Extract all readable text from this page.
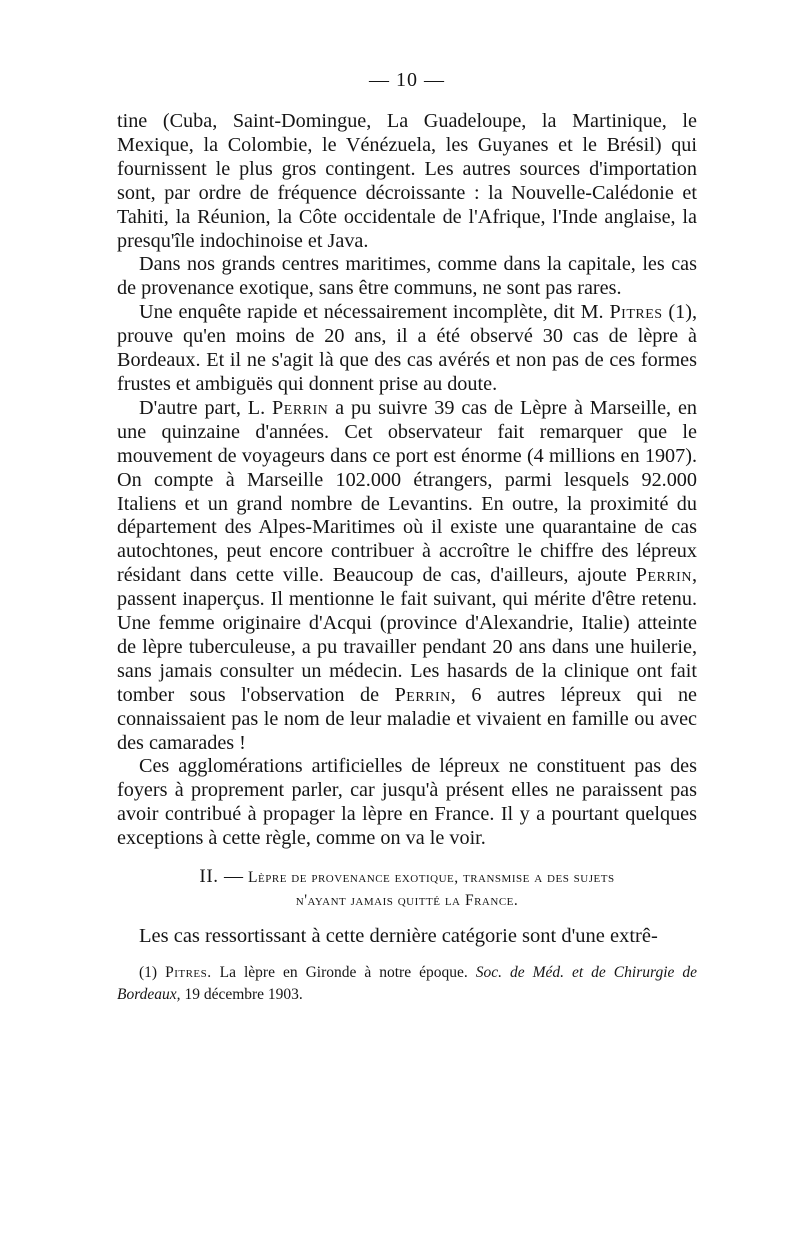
— 10 —

tine (Cuba, Saint-Domingue, La Guadeloupe, la Martinique, le Mexique, la Colombie, le Vénézuela, les Guyanes et le Brésil) qui fournissent le plus gros contingent. Les autres sources d'importation sont, par ordre de fréquence décroissante : la Nouvelle-Calédonie et Tahiti, la Réunion, la Côte occidentale de l'Afrique, l'Inde anglaise, la presqu'île indochinoise et Java.

Dans nos grands centres maritimes, comme dans la capitale, les cas de provenance exotique, sans être communs, ne sont pas rares.

Une enquête rapide et nécessairement incomplète, dit M. Pitres (1), prouve qu'en moins de 20 ans, il a été observé 30 cas de lèpre à Bordeaux. Et il ne s'agit là que des cas avérés et non pas de ces formes frustes et ambiguës qui donnent prise au doute.

D'autre part, L. Perrin a pu suivre 39 cas de Lèpre à Marseille, en une quinzaine d'années. Cet observateur fait remarquer que le mouvement de voyageurs dans ce port est énorme (4 millions en 1907). On compte à Marseille 102.000 étrangers, parmi lesquels 92.000 Italiens et un grand nombre de Levantins. En outre, la proximité du département des Alpes-Maritimes où il existe une quarantaine de cas autochtones, peut encore contribuer à accroître le chiffre des lépreux résidant dans cette ville. Beaucoup de cas, d'ailleurs, ajoute Perrin, passent inaperçus. Il mentionne le fait suivant, qui mérite d'être retenu. Une femme originaire d'Acqui (province d'Alexandrie, Italie) atteinte de lèpre tuberculeuse, a pu travailler pendant 20 ans dans une huilerie, sans jamais consulter un médecin. Les hasards de la clinique ont fait tomber sous l'observation de Perrin, 6 autres lépreux qui ne connaissaient pas le nom de leur maladie et vivaient en famille ou avec des camarades !

Ces agglomérations artificielles de lépreux ne constituent pas des foyers à proprement parler, car jusqu'à présent elles ne paraissent pas avoir contribué à propager la lèpre en France. Il y a pourtant quelques exceptions à cette règle, comme on va le voir.

II. — Lèpre de provenance exotique, transmise a des sujets
n'ayant jamais quitté la France.

Les cas ressortissant à cette dernière catégorie sont d'une extrê-

(1) Pitres. La lèpre en Gironde à notre époque. Soc. de Méd. et de Chirurgie de Bordeaux, 19 décembre 1903.
